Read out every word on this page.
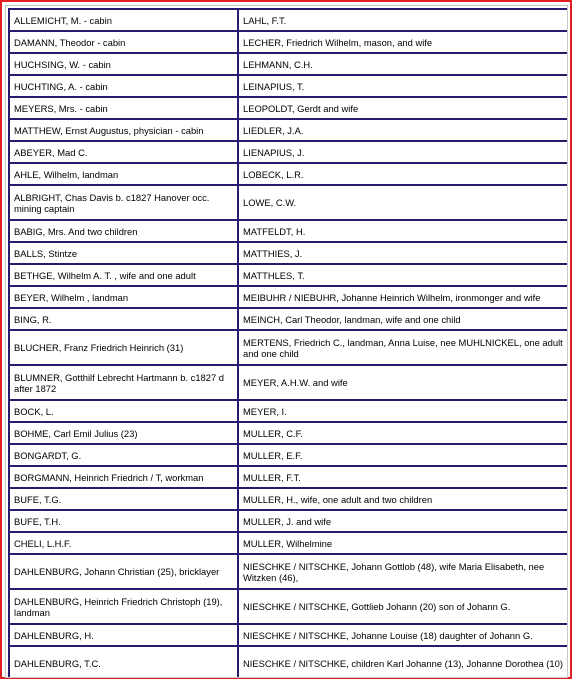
ALLEMICHT, M. - cabin	LAHL, F.T.
DAMANN, Theodor - cabin	LECHER, Friedrich Wilhelm, mason, and wife
HUCHSING, W. - cabin	LEHMANN, C.H.
HUCHTING, A. - cabin	LEINAPIUS, T.
MEYERS, Mrs. - cabin	LEOPOLDT, Gerdt and wife
MATTHEW, Ernst Augustus, physician - cabin	LIEDLER, J.A.
ABEYER, Mad C.	LIENAPIUS, J.
AHLE, Wilhelm, landman	LOBECK, L.R.
ALBRIGHT, Chas Davis b. c1827 Hanover occ. mining captain	LOWE, C.W.
BABIG, Mrs. And two children	MATFELDT, H.
BALLS, Stintze	MATTHIES, J.
BETHGE, Wilhelm A. T. , wife and one adult	MATTHLES, T.
BEYER, Wilhelm , landman	MEIBUHR / NIEBUHR, Johanne Heinrich Wilhelm, ironmonger and wife
BING, R.	MEINCH, Carl Theodor, landman, wife and one child
BLUCHER, Franz Friedrich Heinrich (31)	MERTENS, Friedrich C., landman, Anna Luise, nee MUHLNICKEL, one adult and one child
BLUMNER, Gotthilf Lebrecht Hartmann b. c1827 d after 1872	MEYER, A.H.W. and wife
BOCK, L.	MEYER, I.
BOHME, Carl Emil Julius (23)	MULLER, C.F.
BONGARDT, G.	MULLER, E.F.
BORGMANN, Heinrich Friedrich / T, workman	MULLER, F.T.
BUFE, T.G.	MULLER, H., wife, one adult and two children
BUFE, T.H.	MULLER, J. and wife
CHELI, L.H.F.	MULLER, Wilhelmine
DAHLENBURG, Johann Christian (25), bricklayer	NIESCHKE / NITSCHKE, Johann Gottlob (48), wife Maria Elisabeth, nee Witzken (46),
DAHLENBURG, Heinrich Friedrich Christoph (19), landman	NIESCHKE / NITSCHKE, Gottlieb Johann (20) son of Johann G.
DAHLENBURG, H.	NIESCHKE / NITSCHKE, Johanne Louise (18) daughter of Johann G.
DAHLENBURG, T.C.	NIESCHKE / NITSCHKE, children Karl Johanne (13), Johanne Dorothea (10)
